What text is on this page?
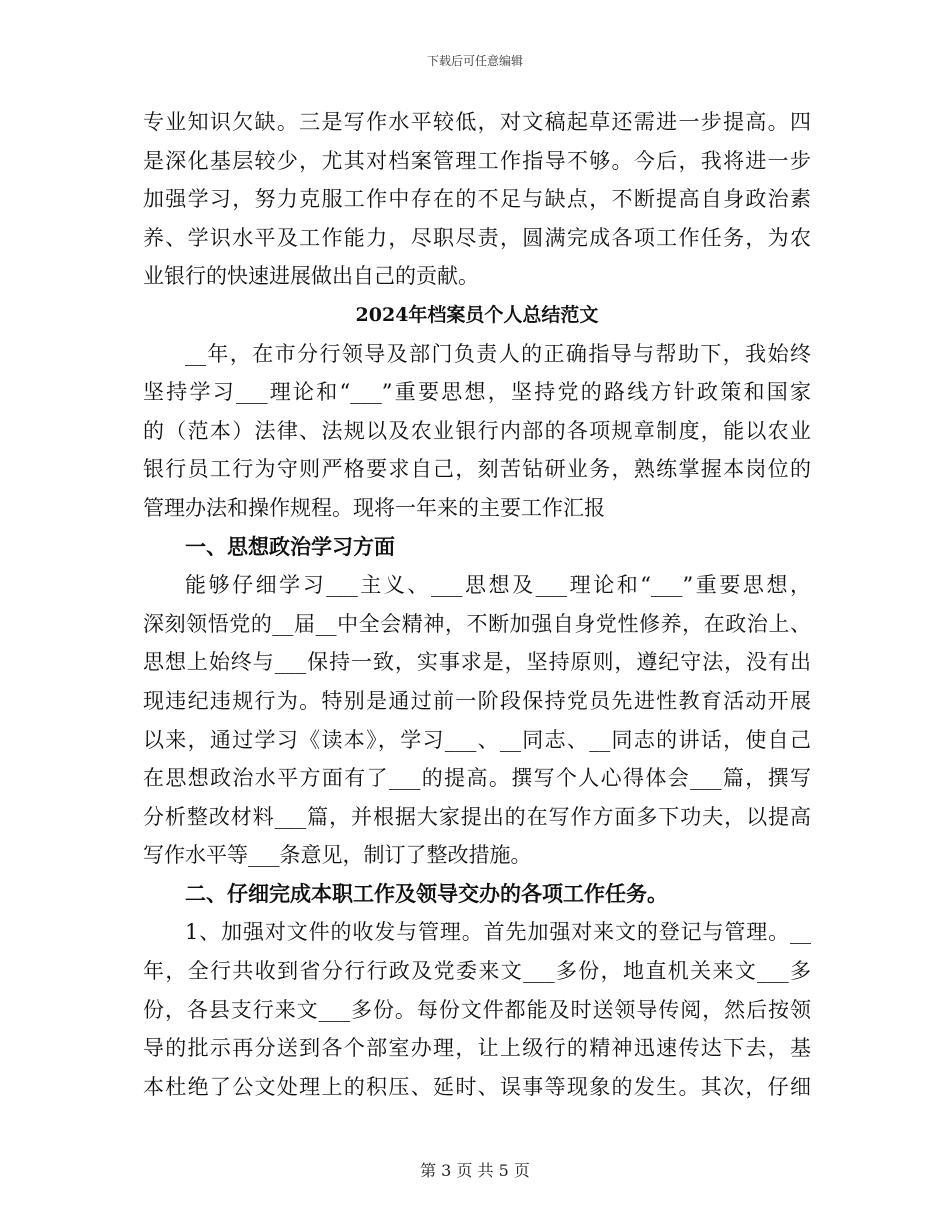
下载后可任意编辑
专业知识欠缺。三是写作水平较低，对文稿起草还需进一步提高。四
是深化基层较少，尤其对档案管理工作指导不够。今后，我将进一步
加强学习，努力克服工作中存在的不足与缺点，不断提高自身政治素
养、学识水平及工作能力，尽职尽责，圆满完成各项工作任务，为农
业银行的快速进展做出自己的贡献。
2024年档案员个人总结范文
__年，在市分行领导及部门负责人的正确指导与帮助下，我始终
坚持学习___理论和“___”重要思想，坚持党的路线方针政策和国家
的（范本）法律、法规以及农业银行内部的各项规章制度，能以农业
银行员工行为守则严格要求自己，刻苦钻研业务，熟练掌握本岗位的
管理办法和操作规程。现将一年来的主要工作汇报
一、思想政治学习方面
能够仔细学习___主义、___思想及___理论和“___”重要思想，
深刻领悟党的__届__中全会精神，不断加强自身党性修养，在政治上、
思想上始终与___保持一致，实事求是，坚持原则，遵纪守法，没有出
现违纪违规行为。特别是通过前一阶段保持党员先进性教育活动开展
以来，通过学习《读本》，学习___、__同志、__同志的讲话，使自己
在思想政治水平方面有了___的提高。撰写个人心得体会___篇，撰写
分析整改材料___篇，并根据大家提出的在写作方面多下功夫，以提高
写作水平等___条意见，制订了整改措施。
二、仔细完成本职工作及领导交办的各项工作任务。
1、加强对文件的收发与管理。首先加强对来文的登记与管理。__
年，全行共收到省分行行政及党委来文___多份，地直机关来文___多
份，各县支行来文___多份。每份文件都能及时送领导传阅，然后按领
导的批示再分送到各个部室办理，让上级行的精神迅速传达下去，基
本杜绝了公文处理上的积压、延时、误事等现象的发生。其次，仔细
第 3 页 共 5 页
